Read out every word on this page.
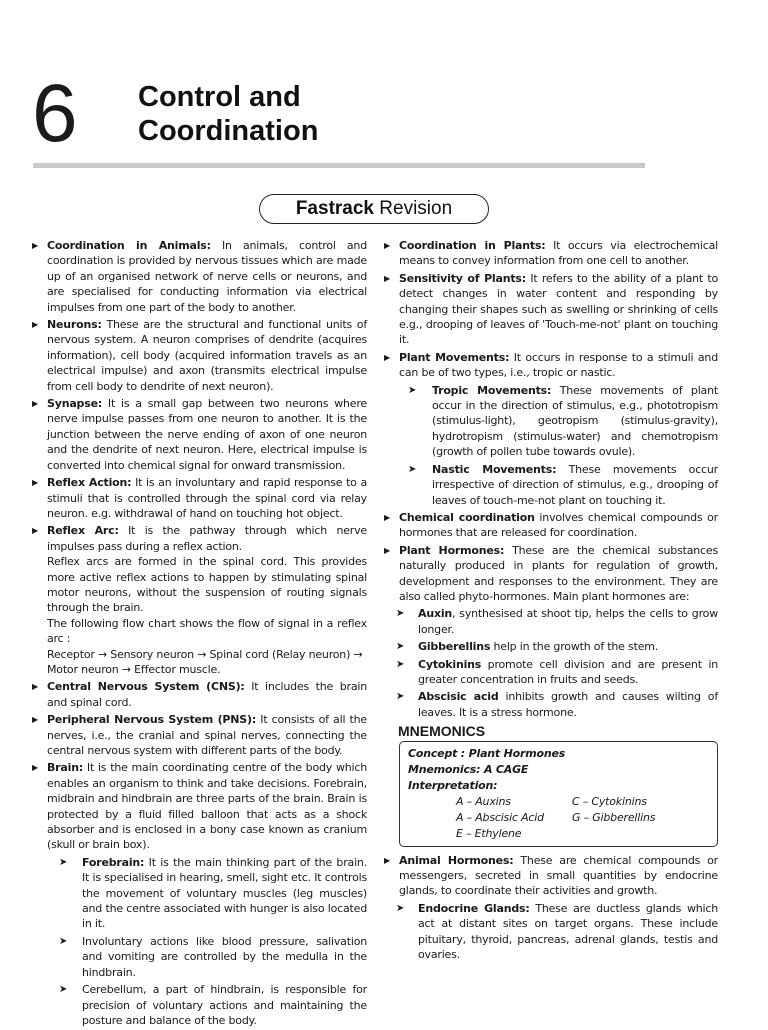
6 Control and
Coordination
Fastrack Revision
▶ Coordination in Animals: In animals, control and coordination is provided by nervous tissues which are made up of an organised network of nerve cells or neurons, and are specialised for conducting information via electrical impulses from one part of the body to another.
▶ Neurons: These are the structural and functional units of nervous system. A neuron comprises of dendrite (acquires information), cell body (acquired information travels as an electrical impulse) and axon (transmits electrical impulse from cell body to dendrite of next neuron).
▶ Synapse: It is a small gap between two neurons where nerve impulse passes from one neuron to another. It is the junction between the nerve ending of axon of one neuron and the dendrite of next neuron. Here, electrical impulse is converted into chemical signal for onward transmission.
▶ Reflex Action: It is an involuntary and rapid response to a stimuli that is controlled through the spinal cord via relay neuron. e.g. withdrawal of hand on touching hot object.
▶ Reflex Arc: It is the pathway through which nerve impulses pass during a reflex action.

Reflex arcs are formed in the spinal cord. This provides more active reflex actions to happen by stimulating spinal motor neurons, without the suspension of routing signals through the brain.

The following flow chart shows the flow of signal in a reflex arc :

Receptor → Sensory neuron → Spinal cord (Relay neuron) → Motor neuron → Effector muscle.

▶ Central Nervous System (CNS): It includes the brain and spinal cord.
▶ Peripheral Nervous System (PNS): It consists of all the nerves, i.e., the cranial and spinal nerves, connecting the central nervous system with different parts of the body.
▶ Brain: It is the main coordinating centre of the body which enables an organism to think and take decisions. Forebrain, midbrain and hindbrain are three parts of the brain. Brain is protected by a fluid filled balloon that acts as a shock absorber and is enclosed in a bony case known as cranium (skull or brain box).
➤ Forebrain: It is the main thinking part of the brain. It is specialised in hearing, smell, sight etc. It controls the movement of voluntary muscles (leg muscles) and the centre associated with hunger is also located in it.
➤ Involuntary actions like blood pressure, salivation and vomiting are controlled by the medulla in the hindbrain.
➤ Cerebellum, a part of hindbrain, is responsible for precision of voluntary actions and maintaining the posture and balance of the body.
▶ Coordination in Plants: It occurs via electrochemical means to convey information from one cell to another.
▶ Sensitivity of Plants: It refers to the ability of a plant to detect changes in water content and responding by changing their shapes such as swelling or shrinking of cells e.g., drooping of leaves of 'Touch-me-not' plant on touching it.
▶ Plant Movements: It occurs in response to a stimuli and can be of two types, i.e., tropic or nastic.
➤ Tropic Movements: These movements of plant occur in the direction of stimulus, e.g., phototropism (stimulus-light), geotropism (stimulus-gravity), hydrotropism (stimulus-water) and chemotropism (growth of pollen tube towards ovule).
➤ Nastic Movements: These movements occur irrespective of direction of stimulus, e.g., drooping of leaves of touch-me-not plant on touching it.
▶ Chemical coordination involves chemical compounds or hormones that are released for coordination.
▶ Plant Hormones: These are the chemical substances naturally produced in plants for regulation of growth, development and responses to the environment. They are also called phyto-hormones. Main plant hormones are:
➤ Auxin, synthesised at shoot tip, helps the cells to grow longer.
➤ Gibberellins help in the growth of the stem.
➤ Cytokinins promote cell division and are present in greater concentration in fruits and seeds.
➤ Abscisic acid inhibits growth and causes wilting of leaves. It is a stress hormone.
MNEMONICS
Concept : Plant Hormones
Mnemonics: A CAGE
Interpretation:
A – Auxins	C – Cytokinins
A – Abscisic Acid	G – Gibberellins
E – Ethylene
▶ Animal Hormones: These are chemical compounds or messengers, secreted in small quantities by endocrine glands, to coordinate their activities and growth.
➤ Endocrine Glands: These are ductless glands which act at distant sites on target organs. These include pituitary, thyroid, pancreas, adrenal glands, testis and ovaries.
